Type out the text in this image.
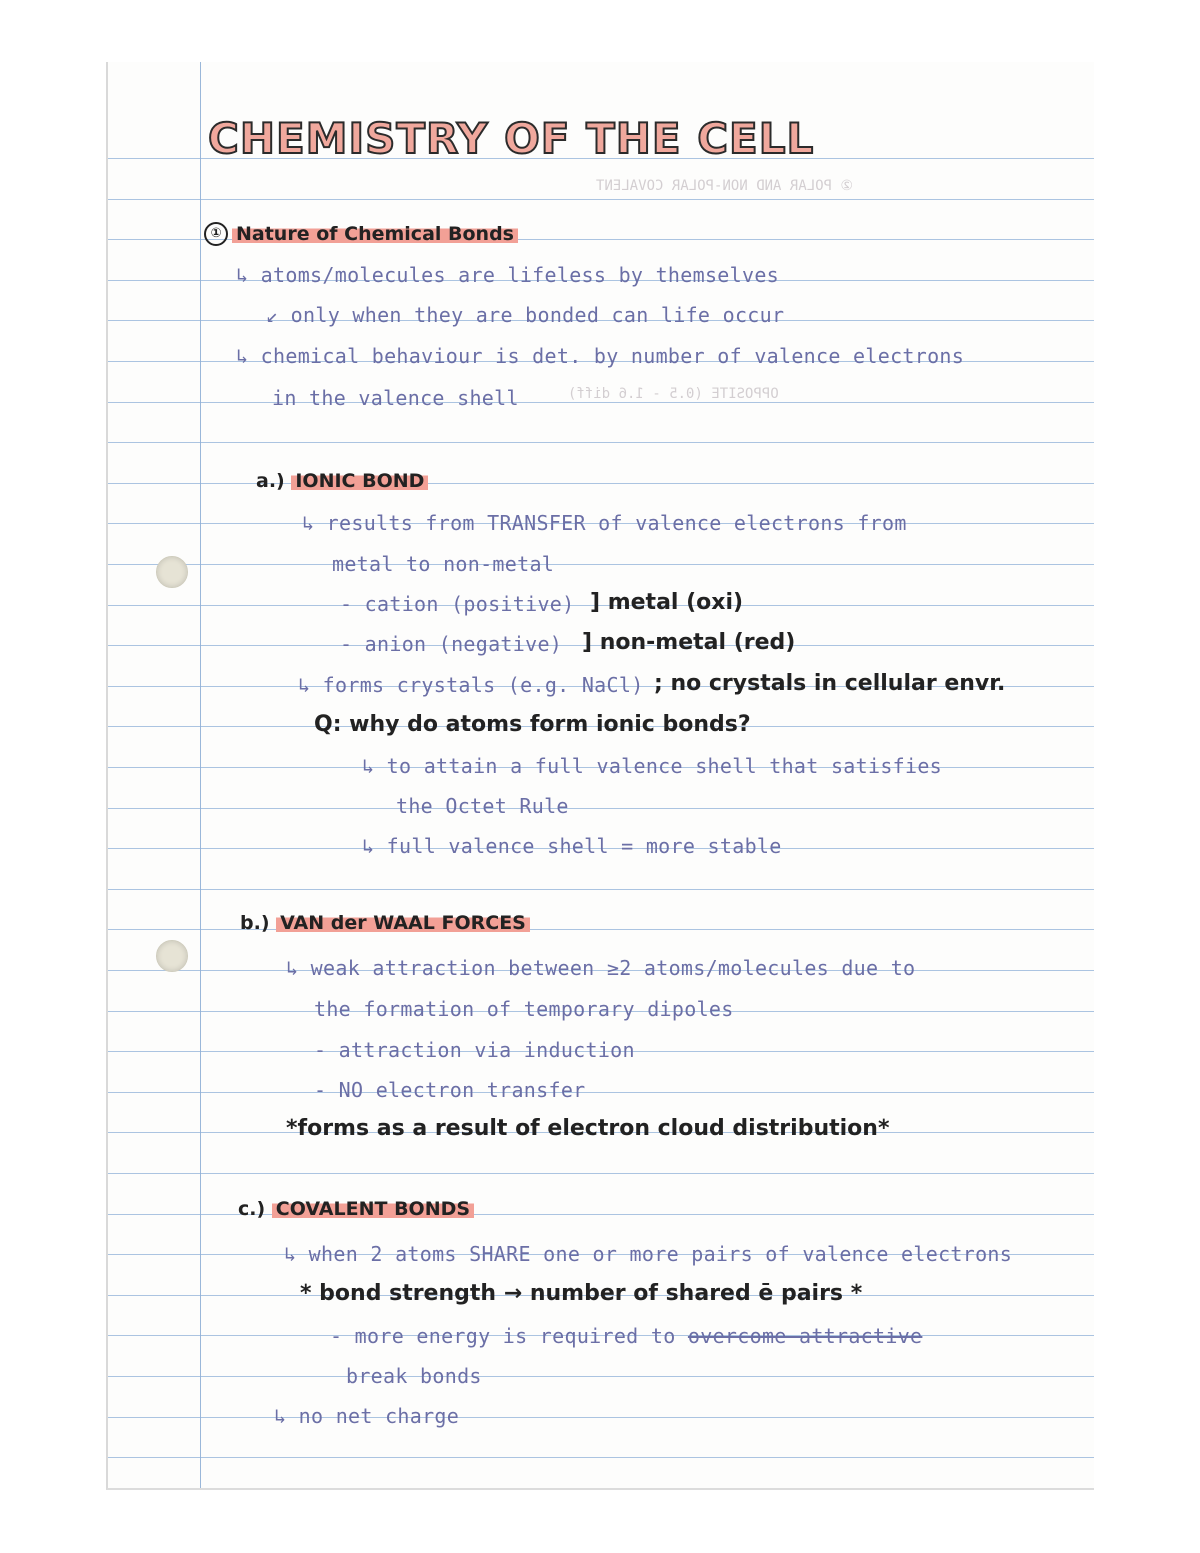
② POLAR AND NON-POLAR COVALENT
OPPOSITE (0.5 - 1.6 diff)
CHEMISTRY OF THE CELL
① Nature of Chemical Bonds
↳ atoms/molecules are lifeless by themselves
↙ only when they are bonded can life occur
↳ chemical behaviour is det. by number of valence electrons
in the valence shell
a.) IONIC BOND
↳ results from TRANSFER of valence electrons from
metal to non-metal
- cation (positive) ] metal (oxi)
- anion (negative) ] non-metal (red)
↳ forms crystals (e.g. NaCl) ; no crystals in cellular envr.
Q: why do atoms form ionic bonds?
↳ to attain a full valence shell that satisfies
the Octet Rule
↳ full valence shell = more stable
b.) VAN der WAAL FORCES
↳ weak attraction between ≥2 atoms/molecules due to
the formation of temporary dipoles
- attraction via induction
- NO electron transfer
*forms as a result of electron cloud distribution*
c.) COVALENT BONDS
↳ when 2 atoms SHARE one or more pairs of valence electrons
* bond strength → number of shared ē pairs *
- more energy is required to overcome attractive
break bonds
↳ no net charge
